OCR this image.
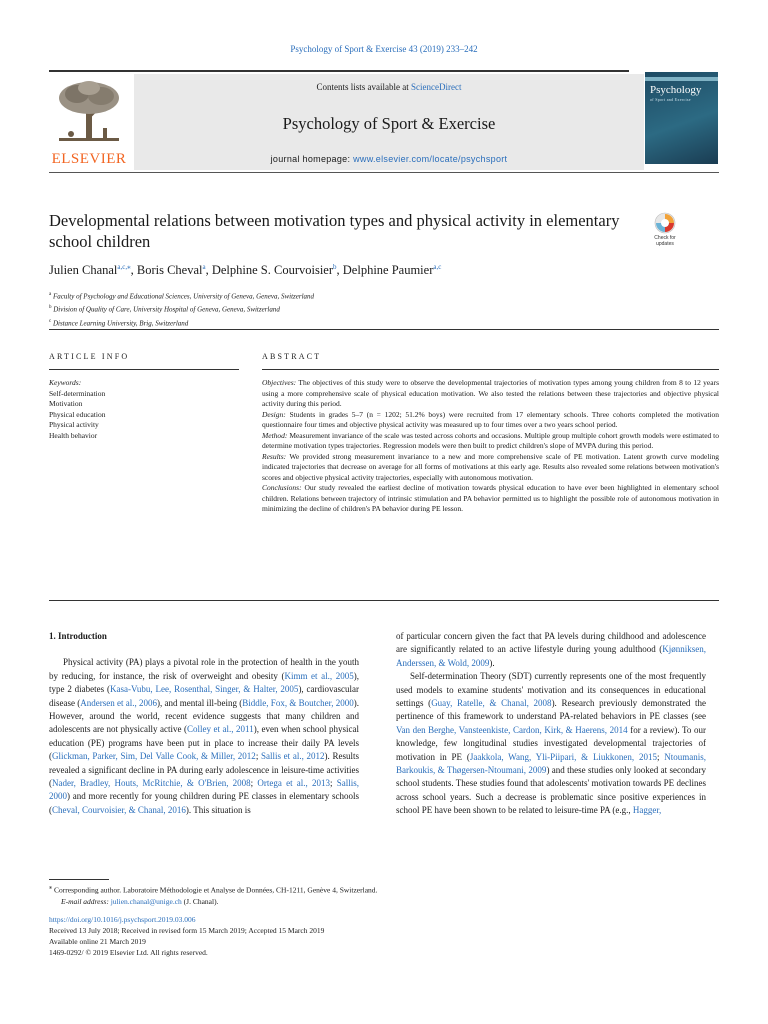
Psychology of Sport & Exercise 43 (2019) 233–242
ELSEVIER
Contents lists available at ScienceDirect
Psychology of Sport & Exercise
journal homepage: www.elsevier.com/locate/psychsport
Psychology
of Sport and Exercise
Developmental relations between motivation types and physical activity in elementary school children	Check for
updates
Julien Chanal$^{a,c,⁎}$, Boris Cheval$^a$, Delphine S. Courvoisier$^b$, Delphine Paumier$^{a,c}$
$^a$ Faculty of Psychology and Educational Sciences, University of Geneva, Geneva, Switzerland
$^b$ Division of Quality of Care, University Hospital of Geneva, Geneva, Switzerland
$^c$ Distance Learning University, Brig, Switzerland
ARTICLE INFO	ABSTRACT
Keywords:
Self-determination
Motivation
Physical education
Physical activity
Health behavior

Objectives: The objectives of this study were to observe the developmental trajectories of motivation types among young children from 8 to 12 years using a more comprehensive scale of physical education motivation. We also tested the relations between these trajectories and objective physical activity during this period.

Design: Students in grades 5–7 (n = 1202; 51.2% boys) were recruited from 17 elementary schools. Three cohorts completed the motivation questionnaire four times and objective physical activity was measured up to four times over a two years school period.

Method: Measurement invariance of the scale was tested across cohorts and occasions. Multiple group multiple cohort growth models were estimated to determine motivation types trajectories. Regression models were then built to predict children's slope of MVPA during this period.

Results: We provided strong measurement invariance to a new and more comprehensive scale of PE motivation. Latent growth curve modeling indicated trajectories that decrease on average for all forms of motivations at this early age. Results also revealed some relations between motivation's scores and objective physical activity trajectories, especially with autonomous motivation.

Conclusions: Our study revealed the earliest decline of motivation towards physical education to have ever been highlighted in elementary school children. Relations between trajectory of intrinsic stimulation and PA behavior permitted us to highlight the possible role of autonomous motivation in minimizing the decline of children's PA behavior during PE lesson.

1. Introduction

Physical activity (PA) plays a pivotal role in the protection of health in the youth by reducing, for instance, the risk of overweight and obesity (Kimm et al., 2005), type 2 diabetes (Kasa-Vubu, Lee, Rosenthal, Singer, & Halter, 2005), cardiovascular disease (Andersen et al., 2006), and mental ill-being (Biddle, Fox, & Boutcher, 2000). However, around the world, recent evidence suggests that many children and adolescents are not physically active (Colley et al., 2011), even when school physical education (PE) programs have been put in place to increase their daily PA levels (Glickman, Parker, Sim, Del Valle Cook, & Miller, 2012; Sallis et al., 2012). Results revealed a significant decline in PA during early adolescence in leisure-time activities (Nader, Bradley, Houts, McRitchie, & O'Brien, 2008; Ortega et al., 2013; Sallis, 2000) and more recently for young children during PE classes in elementary schools (Cheval, Courvoisier, & Chanal, 2016). This situation is

of particular concern given the fact that PA levels during childhood and adolescence are significantly related to an active lifestyle during young adulthood (Kjønniksen, Anderssen, & Wold, 2009).

Self-determination Theory (SDT) currently represents one of the most frequently used models to examine students' motivation and its consequences in educational settings (Guay, Ratelle, & Chanal, 2008). Research previously demonstrated the pertinence of this framework to understand PA-related behaviors in PE classes (see Van den Berghe, Vansteenkiste, Cardon, Kirk, & Haerens, 2014 for a review). To our knowledge, few longitudinal studies investigated developmental trajectories of motivation in PE (Jaakkola, Wang, Yli-Piipari, & Liukkonen, 2015; Ntoumanis, Barkoukis, & Thøgersen-Ntoumani, 2009) and these studies only looked at secondary school students. These studies found that adolescents' motivation towards PE declines across school years. Such a decrease is problematic since positive experiences in school PE have been shown to be related to leisure-time PA (e.g., Hagger,

⁎ Corresponding author. Laboratoire Méthodologie et Analyse de Données, CH-1211, Genève 4, Switzerland.
E-mail address: julien.chanal@unige.ch (J. Chanal).
https://doi.org/10.1016/j.psychsport.2019.03.006
Received 13 July 2018; Received in revised form 15 March 2019; Accepted 15 March 2019
Available online 21 March 2019
1469-0292/ © 2019 Elsevier Ltd. All rights reserved.
